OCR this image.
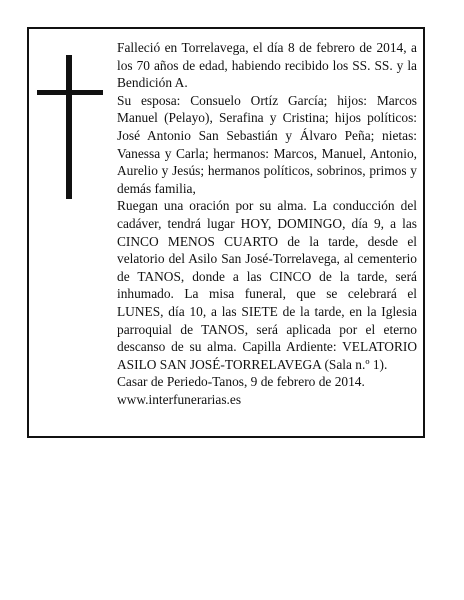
Falleció en Torrelavega, el día 8 de febrero de 2014, a los 70 años de edad, habiendo recibido los SS. SS. y la Bendición A.

Su esposa: Consuelo Ortíz García; hijos: Marcos Manuel (Pelayo), Serafina y Cristina; hijos políticos: José Antonio San Sebastián y Álvaro Peña; nietas: Vanessa y Carla; hermanos: Marcos, Manuel, Antonio, Aurelio y Jesús; hermanos políticos, sobrinos, primos y demás familia,

Ruegan una oración por su alma. La conducción del cadáver, tendrá lugar HOY, DOMINGO, día 9, a las CINCO MENOS CUARTO de la tarde, desde el velatorio del Asilo San José-Torrelavega, al cementerio de TANOS, donde a las CINCO de la tarde, será inhumado. La misa funeral, que se celebrará el LUNES, día 10, a las SIETE de la tarde, en la Iglesia parroquial de TANOS, será aplicada por el eterno descanso de su alma. Capilla Ardiente: VELATORIO ASILO SAN JOSÉ-TORRELAVEGA (Sala n.º 1).

Casar de Periedo-Tanos, 9 de febrero de 2014.

www.interfunerarias.es
